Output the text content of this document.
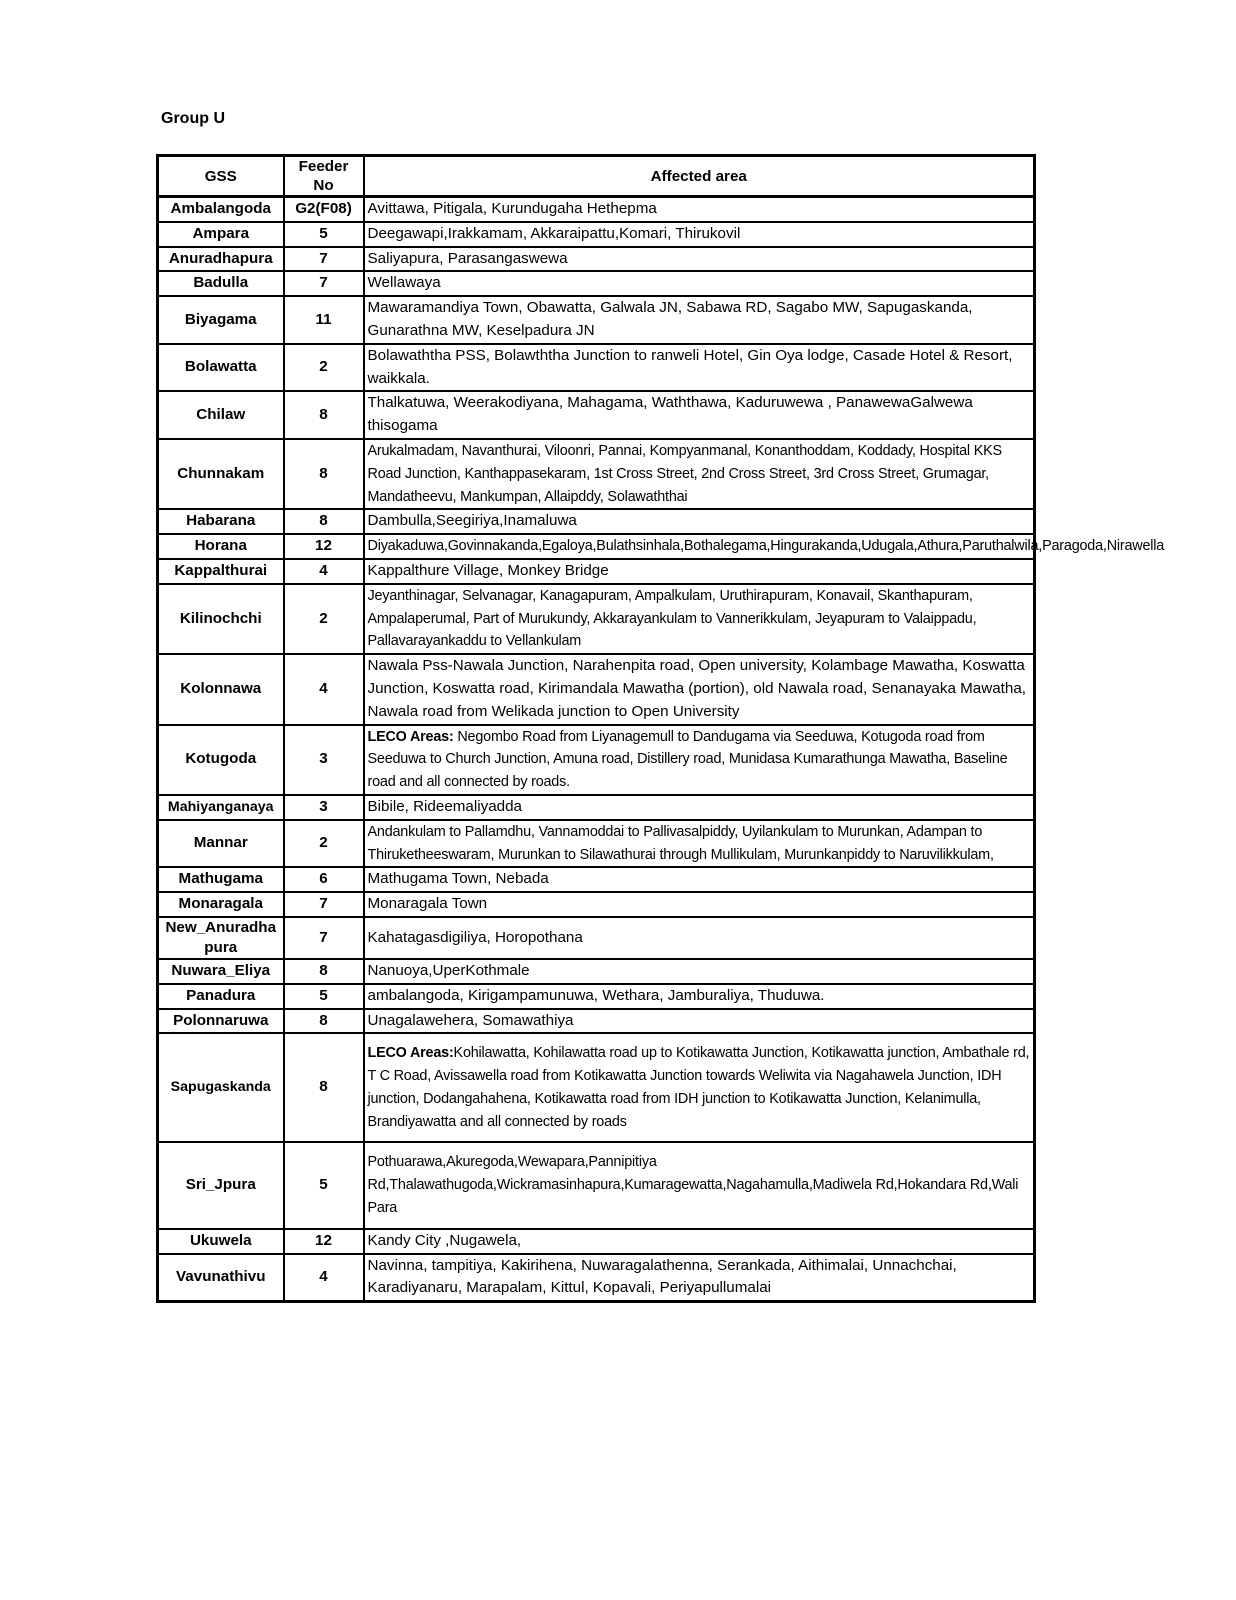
Group U
GSS	Feeder No	Affected area
Ambalangoda	G2(F08)	Avittawa, Pitigala, Kurundugaha Hethepma
Ampara	5	Deegawapi,Irakkamam, Akkaraipattu,Komari, Thirukovil
Anuradhapura	7	Saliyapura, Parasangaswewa
Badulla	7	Wellawaya
Biyagama	11	Mawaramandiya Town, Obawatta, Galwala JN, Sabawa RD, Sagabo MW, Sapugaskanda, Gunarathna MW, Keselpadura JN
Bolawatta	2	Bolawaththa PSS, Bolawththa Junction to ranweli Hotel, Gin Oya lodge, Casade Hotel & Resort, waikkala.
Chilaw	8	Thalkatuwa, Weerakodiyana, Mahagama, Waththawa, Kaduruwewa , PanawewaGalwewa thisogama
Chunnakam	8	Arukalmadam, Navanthurai, Viloonri, Pannai, Kompyanmanal, Konanthoddam, Koddady, Hospital KKS Road Junction, Kanthappasekaram, 1st Cross Street, 2nd Cross Street, 3rd Cross Street, Grumagar, Mandatheevu, Mankumpan, Allaipddy, Solawaththai
Habarana	8	Dambulla,Seegiriya,Inamaluwa
Horana	12	Diyakaduwa,Govinnakanda,Egaloya,Bulathsinhala,Bothalegama,Hingurakanda,Udugala,Athura,Paruthalwila,Paragoda,Nirawella
Kappalthurai	4	Kappalthure Village, Monkey Bridge
Kilinochchi	2	Jeyanthinagar, Selvanagar, Kanagapuram, Ampalkulam, Uruthirapuram, Konavail, Skanthapuram, Ampalaperumal, Part of Murukundy, Akkarayankulam to Vannerikkulam, Jeyapuram to Valaippadu, Pallavarayankaddu to Vellankulam
Kolonnawa	4	Nawala Pss-Nawala Junction, Narahenpita road, Open university, Kolambage Mawatha, Koswatta Junction, Koswatta road, Kirimandala Mawatha (portion), old Nawala road, Senanayaka Mawatha, Nawala road from Welikada junction to Open University
Kotugoda	3	LECO Areas: Negombo Road from Liyanagemull to Dandugama via Seeduwa, Kotugoda road from Seeduwa to Church Junction, Amuna road, Distillery road, Munidasa Kumarathunga Mawatha, Baseline road and all connected by roads.
Mahiyanganaya	3	Bibile, Rideemaliyadda
Mannar	2	Andankulam to Pallamdhu, Vannamoddai to Pallivasalpiddy, Uyilankulam to Murunkan, Adampan to Thiruketheeswaram, Murunkan to Silawathurai through Mullikulam, Murunkanpiddy to Naruvilikkulam,
Mathugama	6	Mathugama Town, Nebada
Monaragala	7	Monaragala Town
New_Anuradha pura	7	Kahatagasdigiliya, Horopothana
Nuwara_Eliya	8	Nanuoya,UperKothmale
Panadura	5	ambalangoda, Kirigampamunuwa, Wethara, Jamburaliya, Thuduwa.
Polonnaruwa	8	Unagalawehera, Somawathiya
Sapugaskanda	8	LECO Areas:Kohilawatta, Kohilawatta road up to Kotikawatta Junction, Kotikawatta junction, Ambathale rd, T C Road, Avissawella road from Kotikawatta Junction towards Weliwita via Nagahawela Junction, IDH junction, Dodangahahena, Kotikawatta road from IDH junction to Kotikawatta Junction, Kelanimulla, Brandiyawatta and all connected by roads
Sri_Jpura	5	Pothuarawa,Akuregoda,Wewapara,Pannipitiya Rd,Thalawathugoda,Wickramasinhapura,Kumaragewatta,Nagahamulla,Madiwela Rd,Hokandara Rd,Wali Para
Ukuwela	12	Kandy City ,Nugawela,
Vavunathivu	4	Navinna, tampitiya, Kakirihena, Nuwaragalathenna, Serankada, Aithimalai, Unnachchai, Karadiyanaru, Marapalam, Kittul, Kopavali, Periyapullumalai
